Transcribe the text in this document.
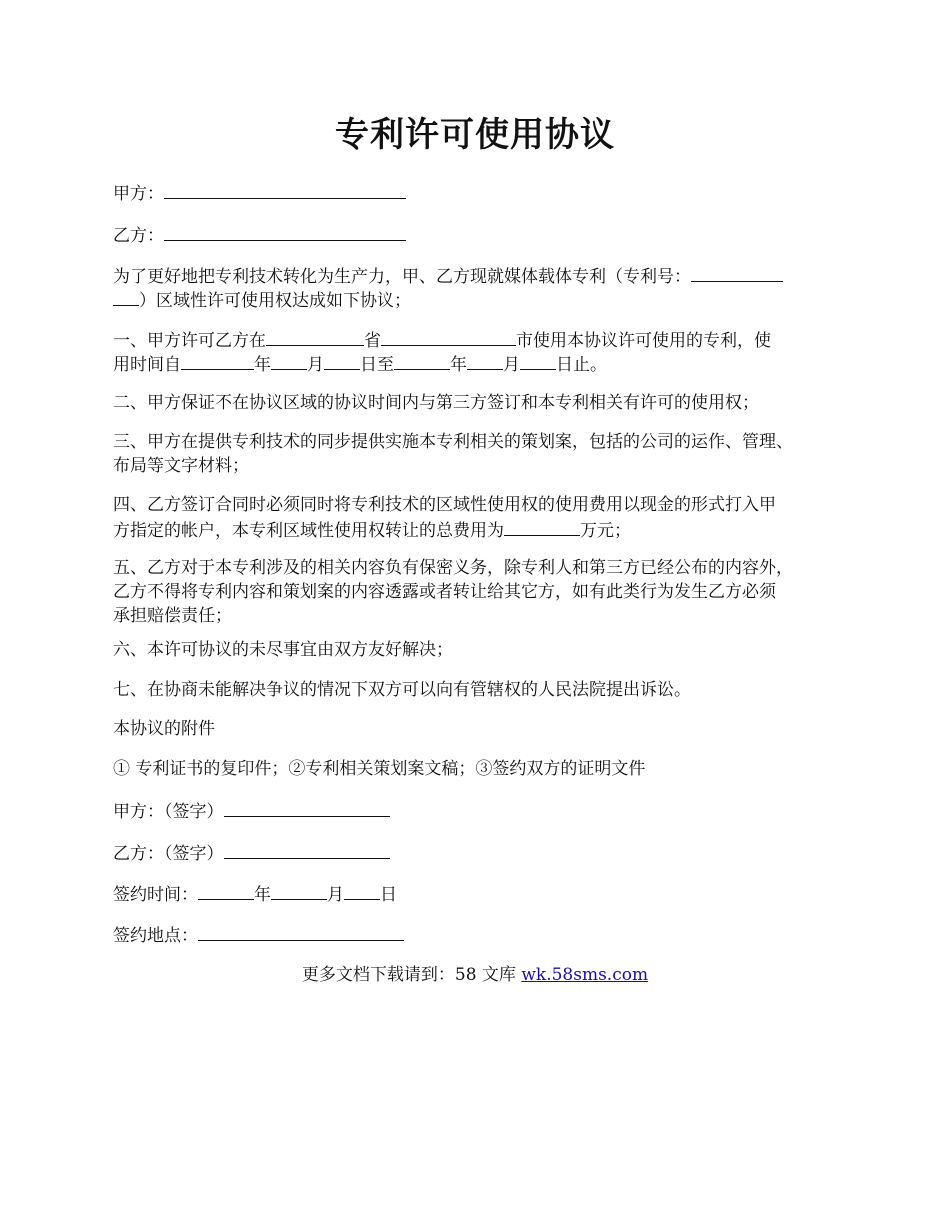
专利许可使用协议
甲方：
乙方：
为了更好地把专利技术转化为生产力，甲、乙方现就媒体载体专利（专利号：
）区域性许可使用权达成如下协议；
一、甲方许可乙方在	省	市使用本协议许可使用的专利，使
用时间自	年 月 日至	年 月 日止。
二、甲方保证不在协议区域的协议时间内与第三方签订和本专利相关有许可的使用权；
三、甲方在提供专利技术的同步提供实施本专利相关的策划案，包括的公司的运作、管理、
布局等文字材料；
四、乙方签订合同时必须同时将专利技术的区域性使用权的使用费用以现金的形式打入甲
方指定的帐户，本专利区域性使用权转让的总费用为	万元；
五、乙方对于本专利涉及的相关内容负有保密义务，除专利人和第三方已经公布的内容外，
乙方不得将专利内容和策划案的内容透露或者转让给其它方，如有此类行为发生乙方必须
承担赔偿责任；
六、本许可协议的未尽事宜由双方友好解决；
七、在协商未能解决争议的情况下双方可以向有管辖权的人民法院提出诉讼。
本协议的附件
① 专利证书的复印件；②专利相关策划案文稿；③签约双方的证明文件
甲方：（签字）
乙方：（签字）
签约时间：	年	月 日
签约地点：
更多文档下载请到：58 文库 wk.58sms.com
